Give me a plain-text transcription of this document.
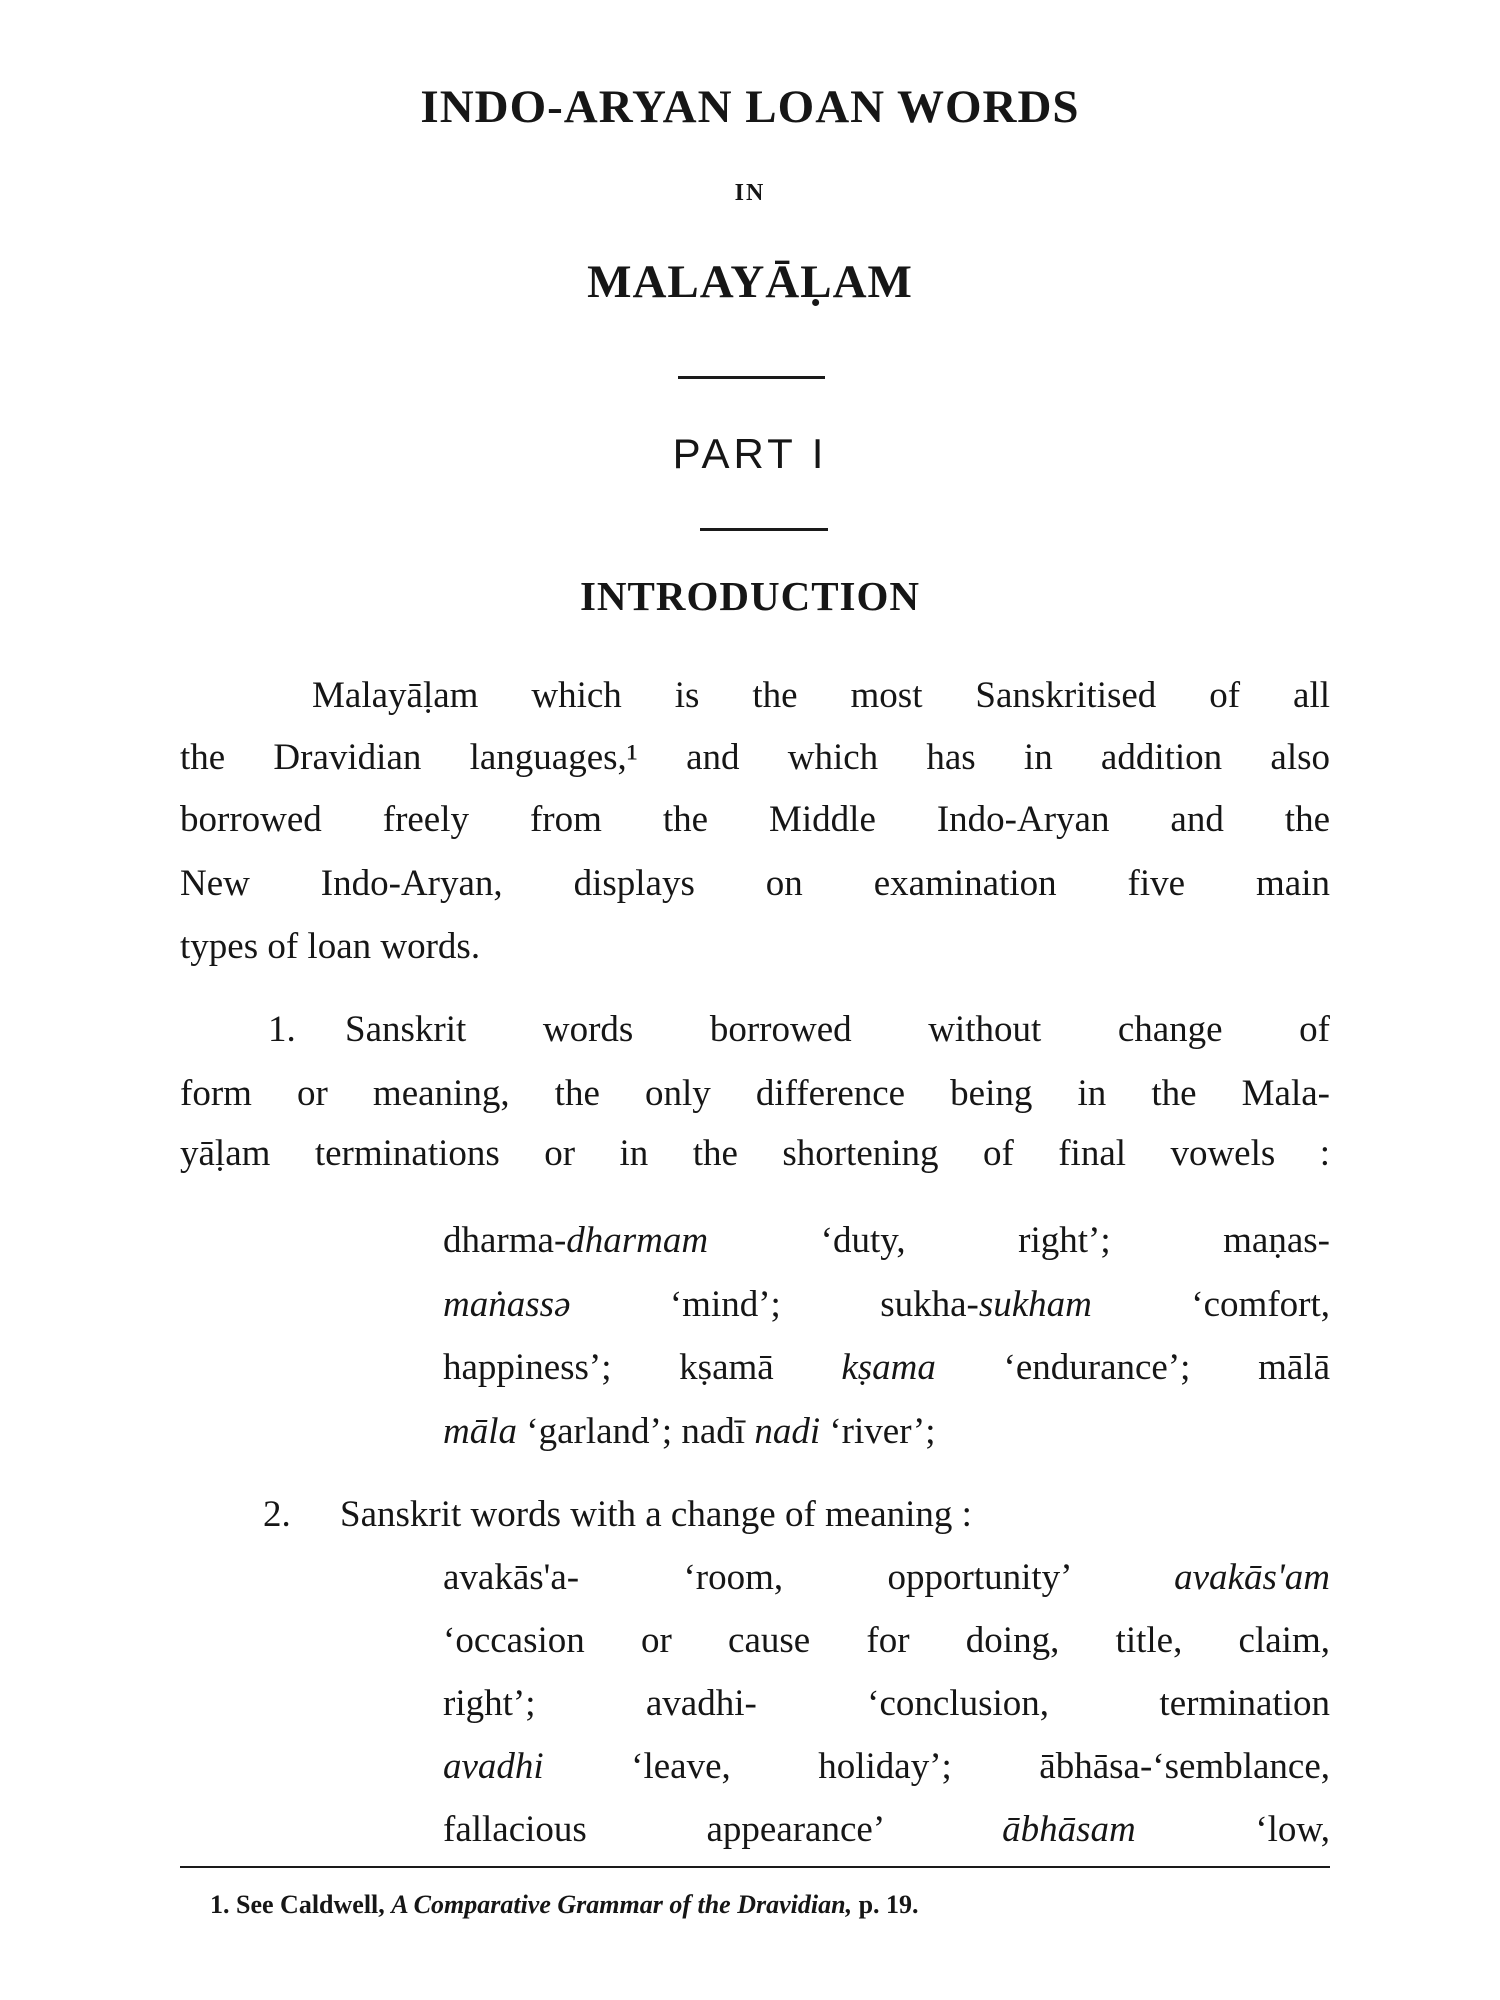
INDO-ARYAN LOAN WORDS
IN
MALAYĀḶAM
PART I
INTRODUCTION
Malayāḷam which is the most Sanskritised of all
the Dravidian languages,¹ and which has in addition also
borrowed freely from the Middle Indo-Aryan and the
New Indo-Aryan, displays on examination five main
types of loan words.
1. Sanskrit words borrowed without change of
form or meaning, the only difference being in the Mala-
yāḷam terminations or in the shortening of final vowels :
dharma-dharmam ‘duty, right’; maṇas-
maṅassə ‘mind’; sukha-sukham ‘comfort,
happiness’; kṣamā kṣama ‘endurance’; mālā
māla ‘garland’; nadī nadi ‘river’;
2. Sanskrit words with a change of meaning :
avakās'a- ‘room, opportunity’ avakās'am
‘occasion or cause for doing, title, claim,
right’; avadhi- ‘conclusion, termination
avadhi ‘leave, holiday’; ābhāsa-‘semblance,
fallacious appearance’ ābhāsam ‘low,
1. See Caldwell, A Comparative Grammar of the Dravidian, p. 19.
